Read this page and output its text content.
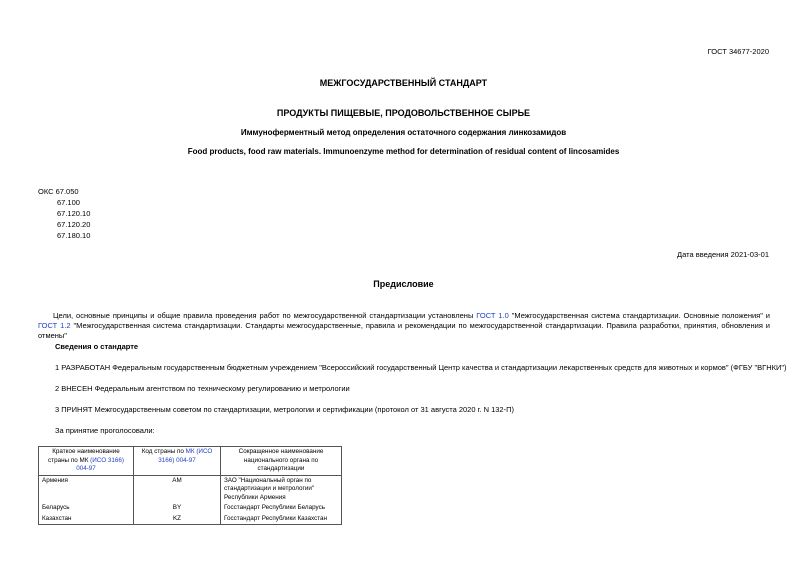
ГОСТ 34677-2020
МЕЖГОСУДАРСТВЕННЫЙ СТАНДАРТ
ПРОДУКТЫ ПИЩЕВЫЕ, ПРОДОВОЛЬСТВЕННОЕ СЫРЬЕ
Иммуноферментный метод определения остаточного содержания линкозамидов
Food products, food raw materials. Immunoenzyme method for determination of residual content of lincosamides
ОКС 67.050
67.100
67.120.10
67.120.20
67.180.10
Дата введения 2021-03-01
Предисловие
Цели, основные принципы и общие правила проведения работ по межгосударственной стандартизации установлены ГОСТ 1.0 "Межгосударственная система стандартизации. Основные положения" и ГОСТ 1.2 "Межгосударственная система стандартизации. Стандарты межгосударственные, правила и рекомендации по межгосударственной стандартизации. Правила разработки, принятия, обновления и отмены"
Сведения о стандарте
1 РАЗРАБОТАН Федеральным государственным бюджетным учреждением "Всероссийский государственный Центр качества и стандартизации лекарственных средств для животных и кормов" (ФГБУ "ВГНКИ")
2 ВНЕСЕН Федеральным агентством по техническому регулированию и метрологии
3 ПРИНЯТ Межгосударственным советом по стандартизации, метрологии и сертификации (протокол от 31 августа 2020 г. N 132-П)
За принятие проголосовали:
Краткое наименование страны по МК (ИСО 3166) 004-97	Код страны по МК (ИСО 3166) 004-97	Сокращенное наименование национального органа по стандартизации
Армения	AM	ЗАО "Национальный орган по стандартизации и метрологии" Республики Армения
Беларусь	BY	Госстандарт Республики Беларусь
Казахстан	KZ	Госстандарт Республики Казахстан
